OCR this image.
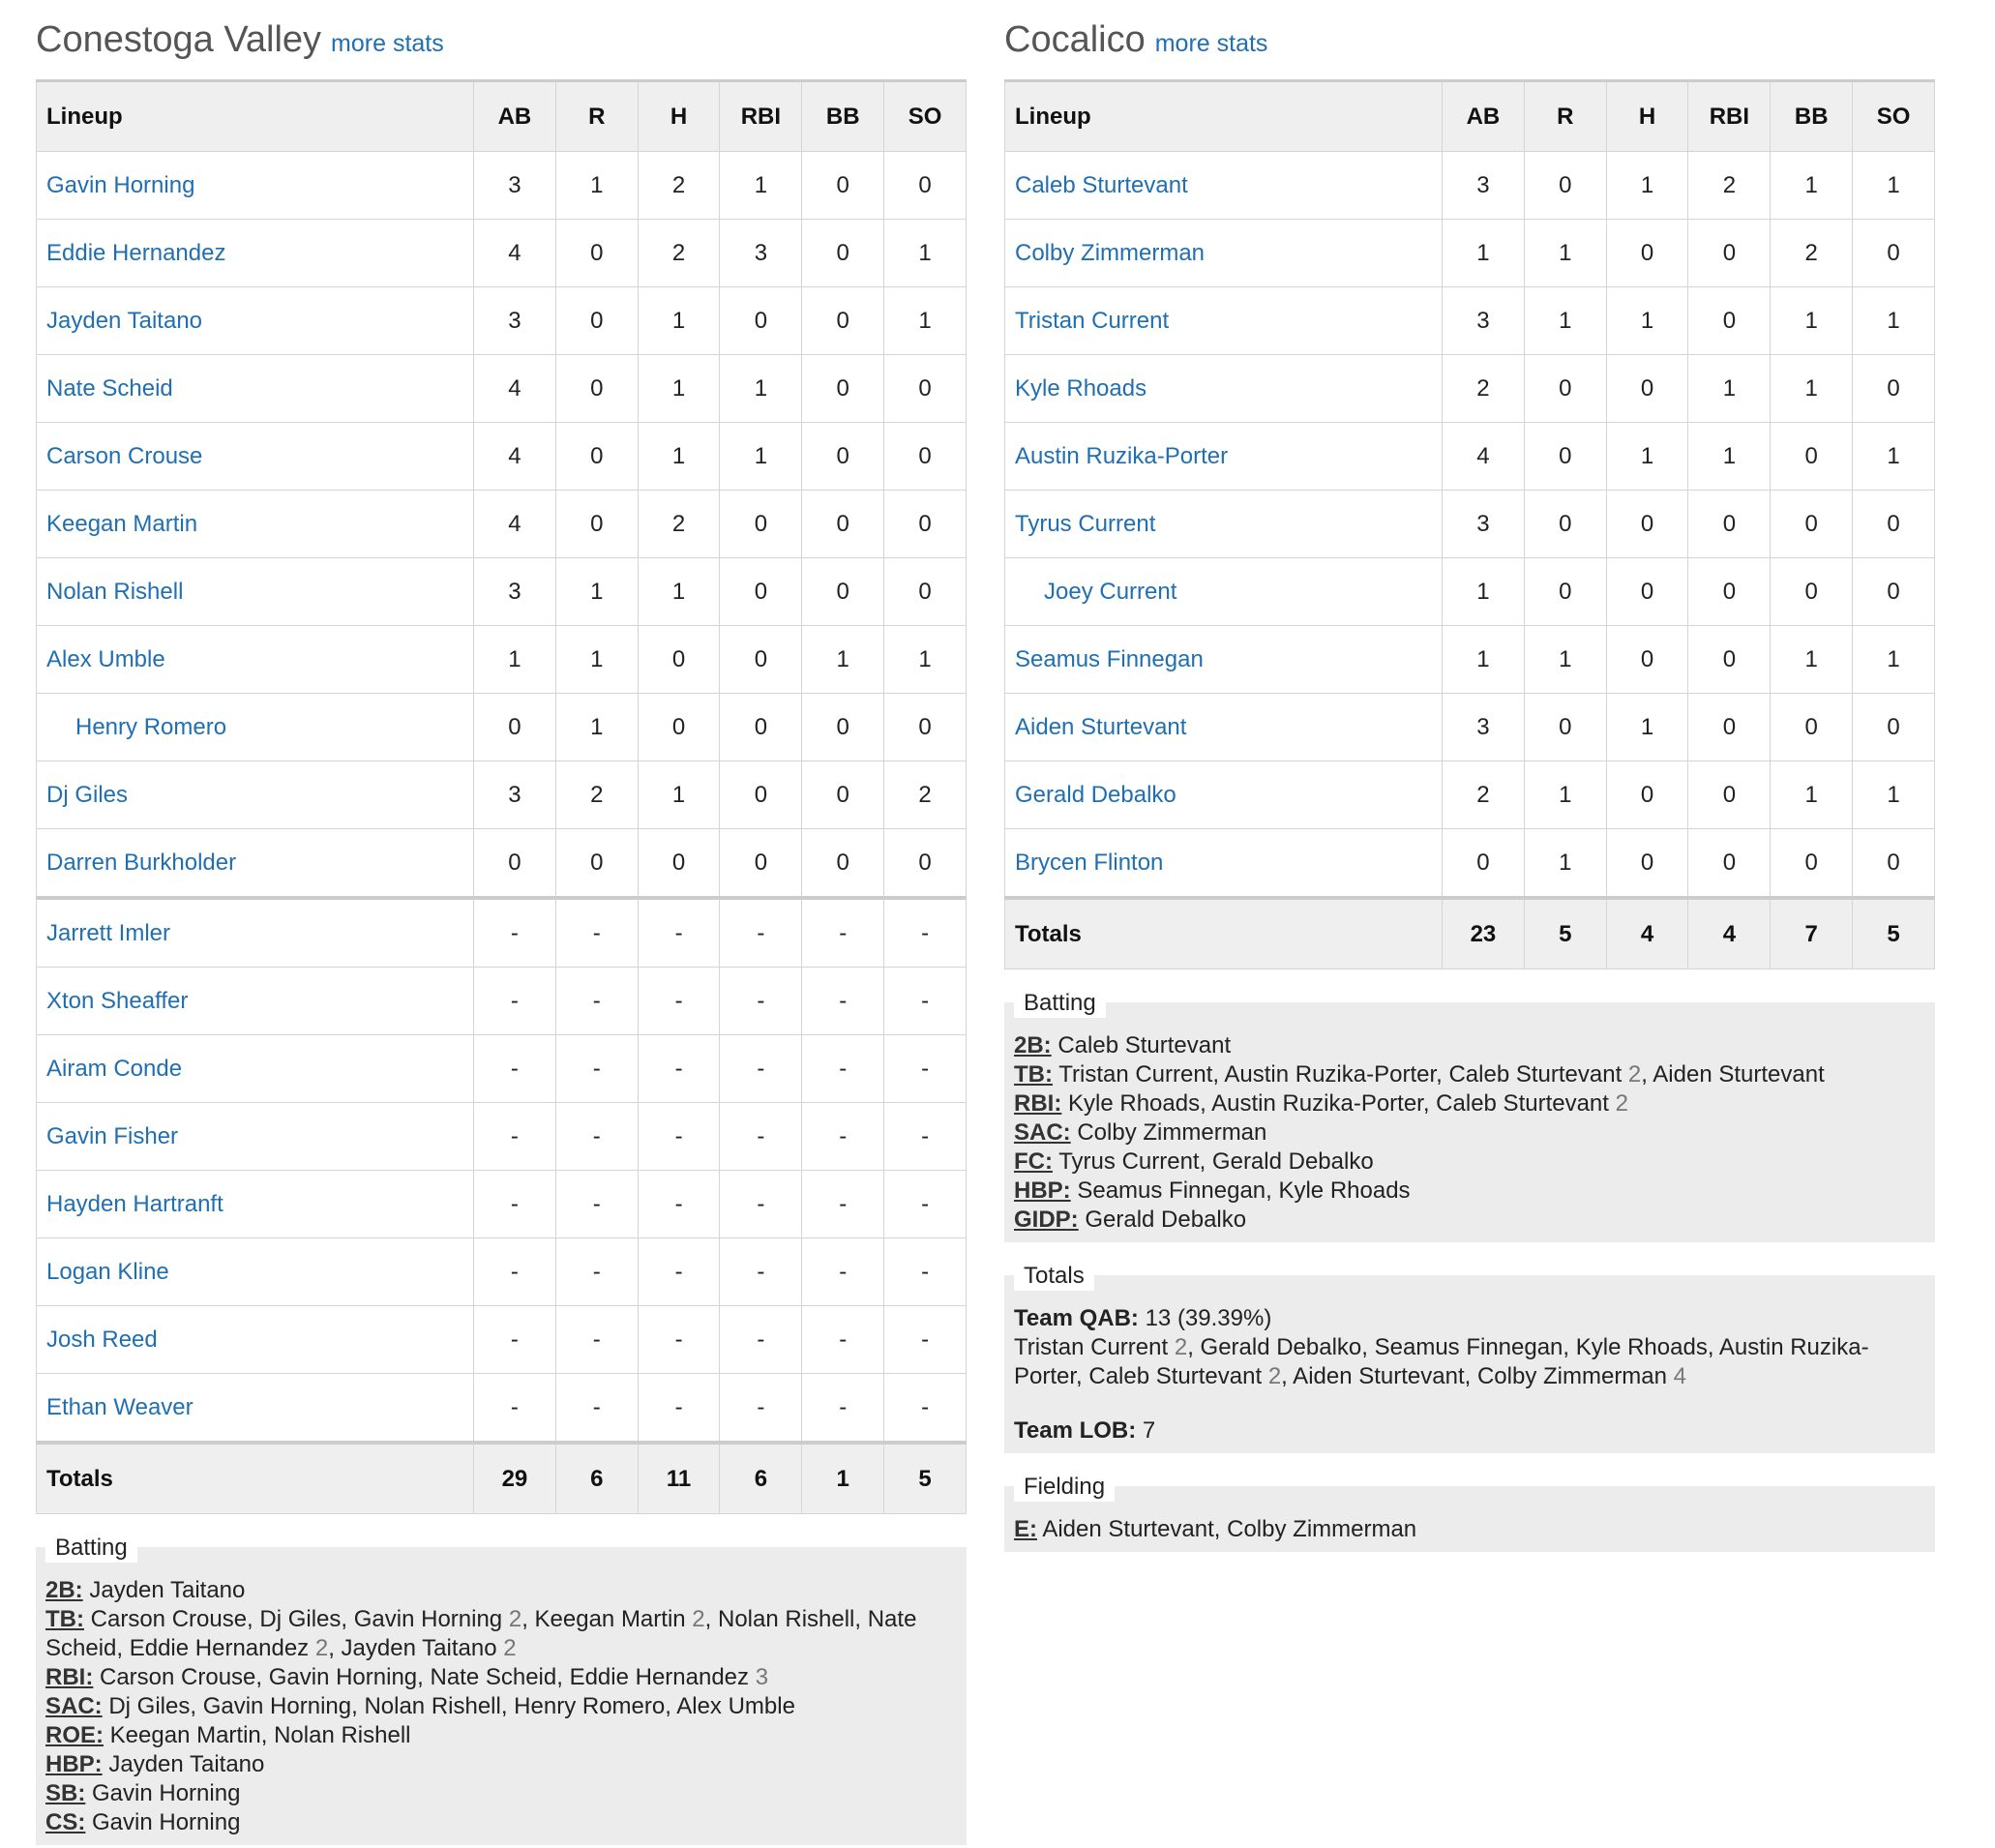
Conestoga Valley more stats
Lineup	AB	R	H	RBI	BB	SO
Gavin Horning	3	1	2	1	0	0
Eddie Hernandez	4	0	2	3	0	1
Jayden Taitano	3	0	1	0	0	1
Nate Scheid	4	0	1	1	0	0
Carson Crouse	4	0	1	1	0	0
Keegan Martin	4	0	2	0	0	0
Nolan Rishell	3	1	1	0	0	0
Alex Umble	1	1	0	0	1	1
Henry Romero	0	1	0	0	0	0
Dj Giles	3	2	1	0	0	2
Darren Burkholder	0	0	0	0	0	0
Jarrett Imler	-	-	-	-	-	-
Xton Sheaffer	-	-	-	-	-	-
Airam Conde	-	-	-	-	-	-
Gavin Fisher	-	-	-	-	-	-
Hayden Hartranft	-	-	-	-	-	-
Logan Kline	-	-	-	-	-	-
Josh Reed	-	-	-	-	-	-
Ethan Weaver	-	-	-	-	-	-
Totals	29	6	11	6	1	5
Batting
2B: Jayden Taitano
TB: Carson Crouse, Dj Giles, Gavin Horning 2, Keegan Martin 2, Nolan Rishell, Nate Scheid, Eddie Hernandez 2, Jayden Taitano 2
RBI: Carson Crouse, Gavin Horning, Nate Scheid, Eddie Hernandez 3
SAC: Dj Giles, Gavin Horning, Nolan Rishell, Henry Romero, Alex Umble
ROE: Keegan Martin, Nolan Rishell
HBP: Jayden Taitano
SB: Gavin Horning
CS: Gavin Horning
Cocalico more stats
Lineup	AB	R	H	RBI	BB	SO
Caleb Sturtevant	3	0	1	2	1	1
Colby Zimmerman	1	1	0	0	2	0
Tristan Current	3	1	1	0	1	1
Kyle Rhoads	2	0	0	1	1	0
Austin Ruzika-Porter	4	0	1	1	0	1
Tyrus Current	3	0	0	0	0	0
Joey Current	1	0	0	0	0	0
Seamus Finnegan	1	1	0	0	1	1
Aiden Sturtevant	3	0	1	0	0	0
Gerald Debalko	2	1	0	0	1	1
Brycen Flinton	0	1	0	0	0	0
Totals	23	5	4	4	7	5
Batting
2B: Caleb Sturtevant
TB: Tristan Current, Austin Ruzika-Porter, Caleb Sturtevant 2, Aiden Sturtevant
RBI: Kyle Rhoads, Austin Ruzika-Porter, Caleb Sturtevant 2
SAC: Colby Zimmerman
FC: Tyrus Current, Gerald Debalko
HBP: Seamus Finnegan, Kyle Rhoads
GIDP: Gerald Debalko
Totals
Team QAB: 13 (39.39%)
Tristan Current 2, Gerald Debalko, Seamus Finnegan, Kyle Rhoads, Austin Ruzika-Porter, Caleb Sturtevant 2, Aiden Sturtevant, Colby Zimmerman 4
Team LOB: 7
Fielding
E: Aiden Sturtevant, Colby Zimmerman
